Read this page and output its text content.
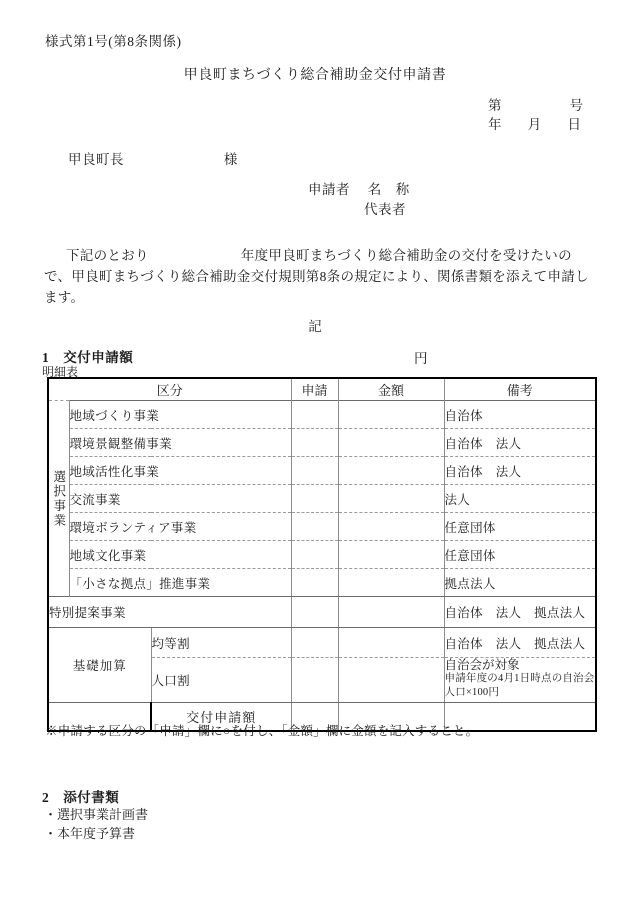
様式第1号(第8条関係)
甲良町まちづくり総合補助金交付申請書
第	号
年 月 日
甲良町長	様
申請者 名　称
代表者
下記のとおり	年度甲良町まちづくり総合補助金の交付を受けたいので、甲良町まちづくり総合補助金交付規則第8条の規定により、関係書類を添えて申請します。
記
1 交付申請額	円
明細表
区分			申請	金額	備考

選択事業	地域づくり事業				自治体
	環境景観整備事業				自治体　法人
	地域活性化事業				自治体　法人
	交流事業				法人
	環境ボランティア事業				任意団体
	地域文化事業				任意団体
	「小さな拠点」推進事業				拠点法人
特別提案事業					自治体　法人　拠点法人
基礎加算		均等割			自治体　法人　拠点法人
		人口割			自治会が対象
申請年度の4月1日時点の自治会人口×100円

		交付申請額			
※申請する区分の「申請」欄に○を付し、「金額」欄に金額を記入すること。
2 添付書類
・選択事業計画書
・本年度予算書
